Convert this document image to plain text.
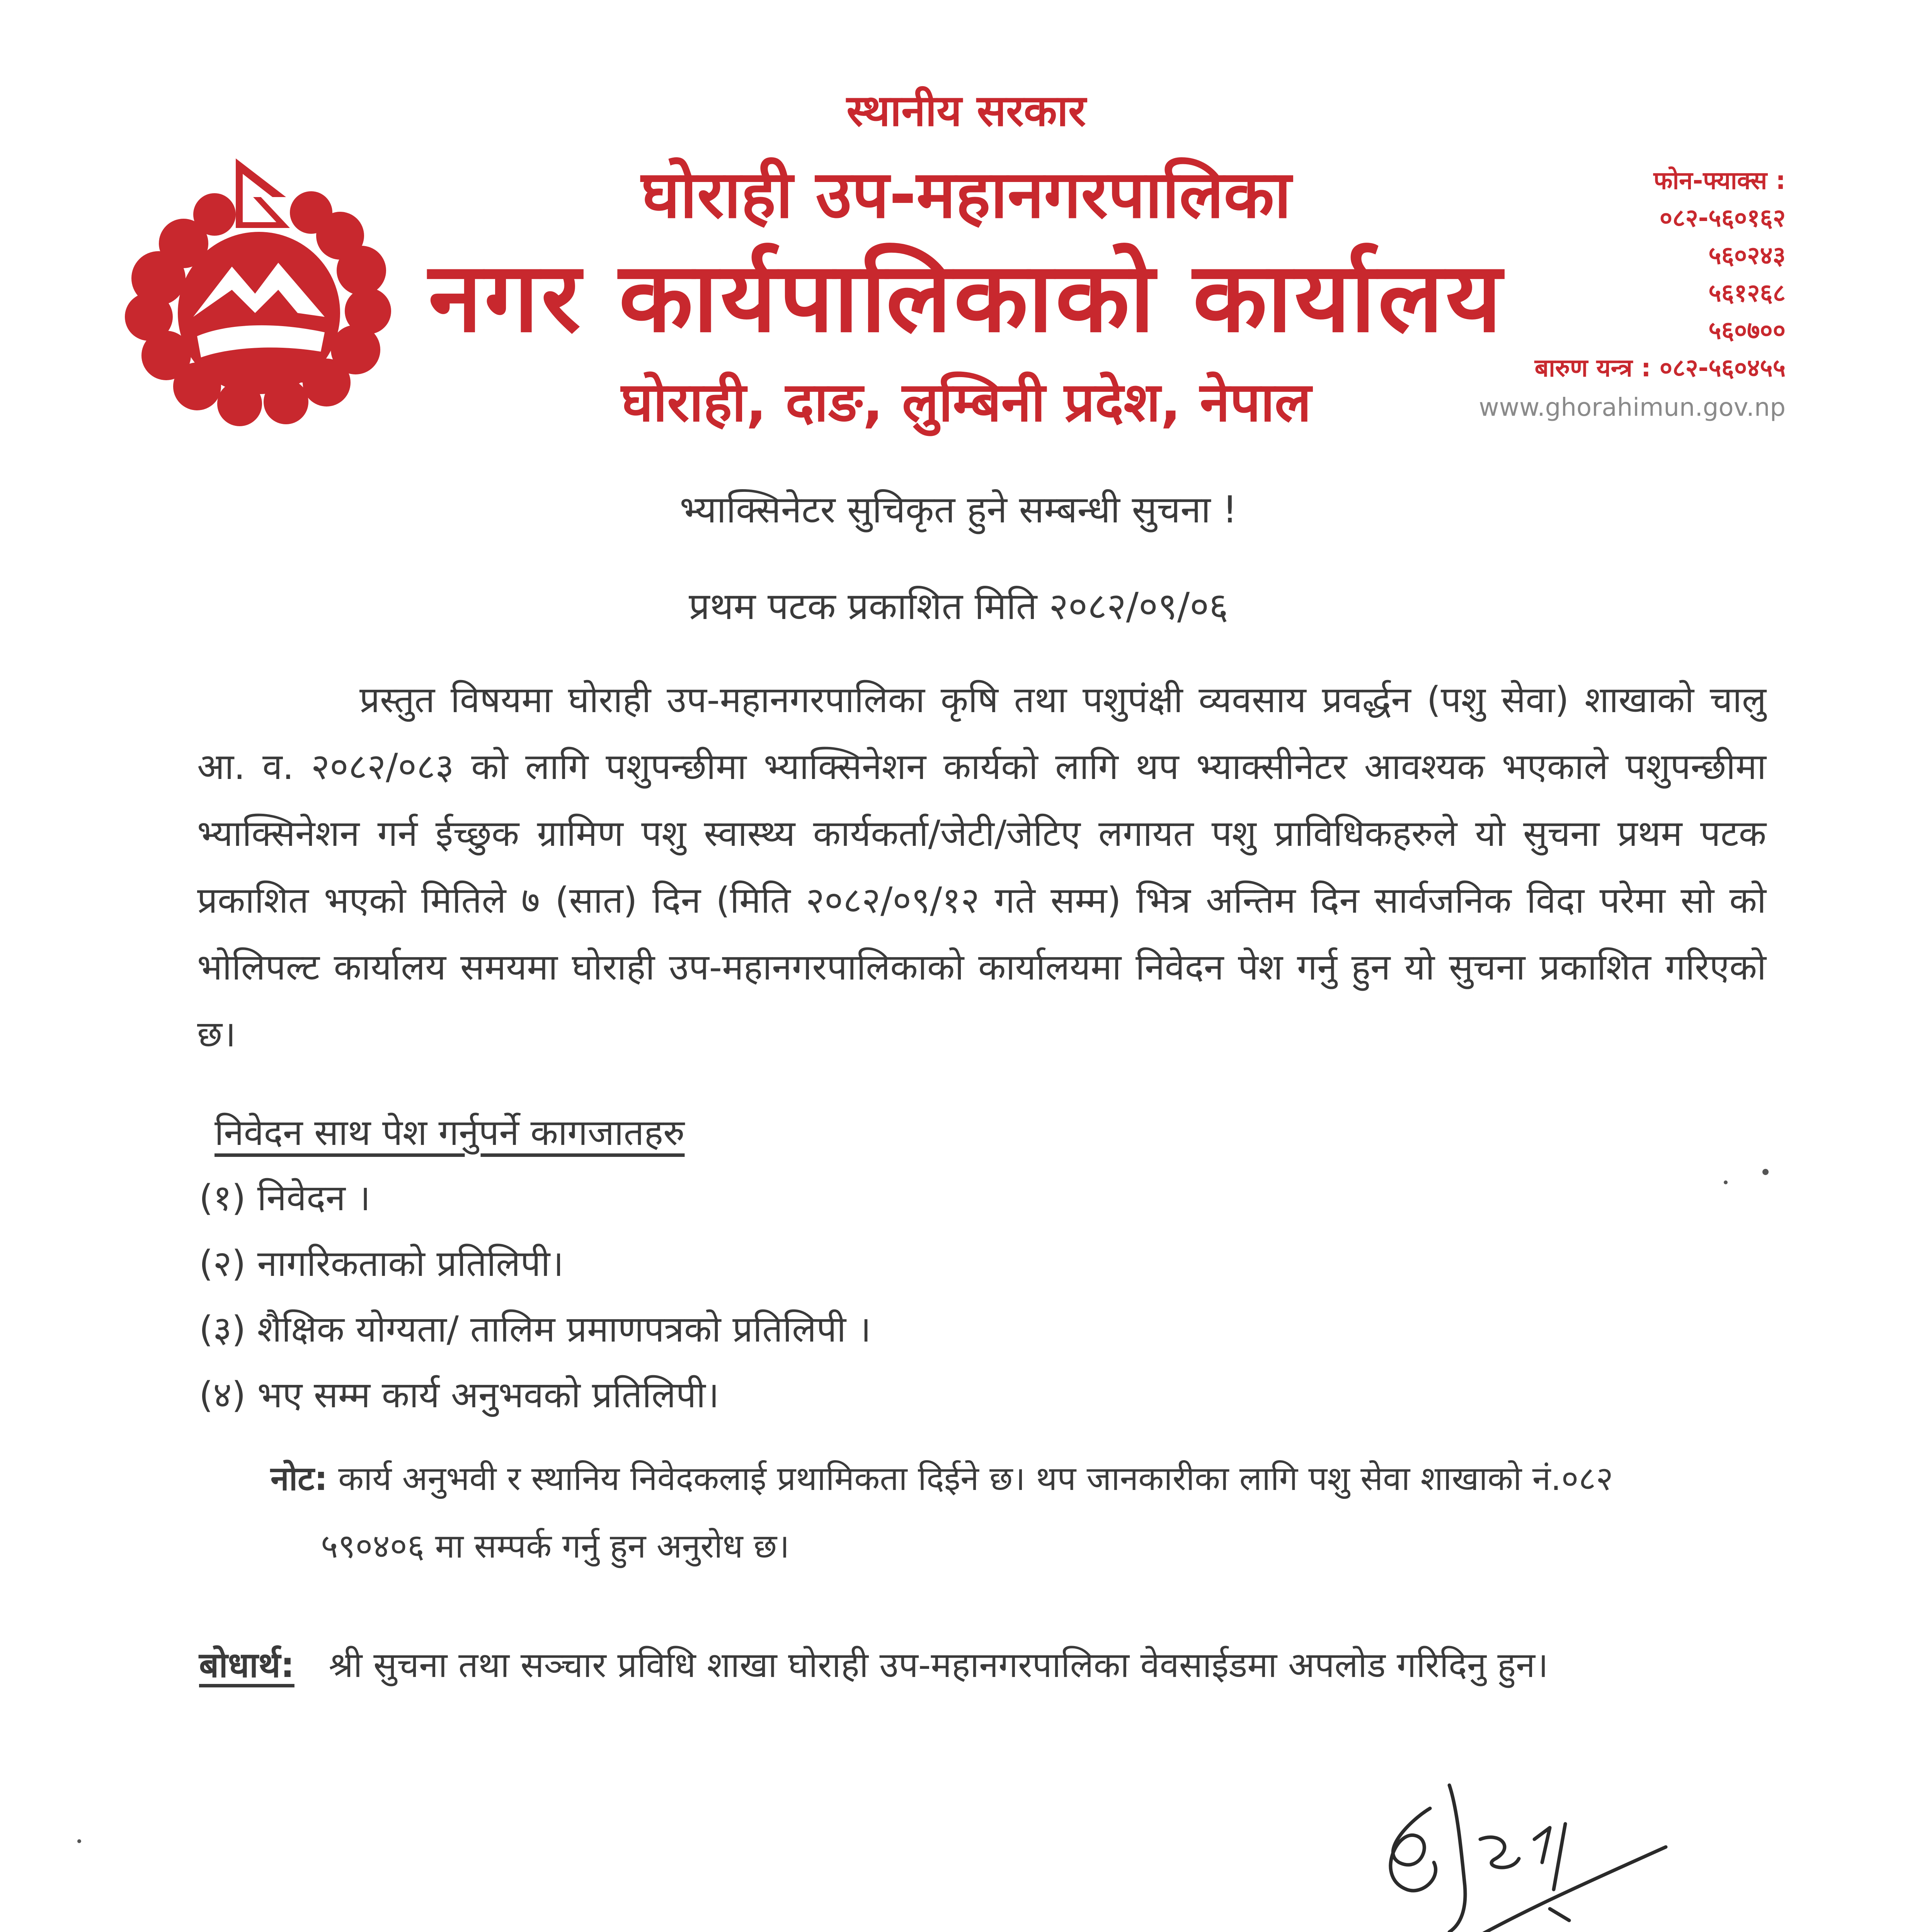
स्थानीय सरकार
घोराही उप-महानगरपालिका
नगर कार्यपालिकाको कार्यालय
घोराही, दाङ, लुम्बिनी प्रदेश, नेपाल
फोन-फ्याक्स :
०८२-५६०१६२
५६०२४३
५६१२६८
५६०७००
बारुण यन्त्र : ०८२-५६०४५५
www.ghorahimun.gov.np
भ्याक्सिनेटर सुचिकृत हुने सम्बन्धी सुचना !
प्रथम पटक प्रकाशित मिति २०८२/०९/०६
प्रस्तुत विषयमा घोराही उप-महानगरपालिका कृषि तथा पशुपंक्षी व्यवसाय प्रवर्द्धन (पशु सेवा) शाखाको चालु आ. व. २०८२/०८३ को लागि पशुपन्छीमा भ्याक्सिनेशन कार्यको लागि थप भ्याक्सीनेटर आवश्यक भएकाले पशुपन्छीमा भ्याक्सिनेशन गर्न ईच्छुक ग्रामिण पशु स्वास्थ्य कार्यकर्ता/जेटी/जेटिए लगायत पशु प्राविधिकहरुले यो सुचना प्रथम पटक प्रकाशित भएको मितिले ७ (सात) दिन (मिति २०८२/०९/१२ गते सम्म) भित्र अन्तिम दिन सार्वजनिक विदा परेमा सो को भोलिपल्ट कार्यालय समयमा घोराही उप-महानगरपालिकाको कार्यालयमा निवेदन पेश गर्नु हुन यो सुचना प्रकाशित गरिएको छ।
निवेदन साथ पेश गर्नुपर्ने कागजातहरु
(१) निवेदन ।
(२) नागरिकताको प्रतिलिपी।
(३) शैक्षिक योग्यता/ तालिम प्रमाणपत्रको प्रतिलिपी ।
(४) भए सम्म कार्य अनुभवको प्रतिलिपी।
नोट: कार्य अनुभवी र स्थानिय निवेदकलाई प्रथामिकता दिईने छ। थप जानकारीका लागि पशु सेवा शाखाको नं.०८२
५९०४०६ मा सम्पर्क गर्नु हुन अनुरोध छ।
बोधार्थ: श्री सुचना तथा सञ्चार प्रविधि शाखा घोराही उप-महानगरपालिका वेवसाईडमा अपलोड गरिदिनु हुन।
